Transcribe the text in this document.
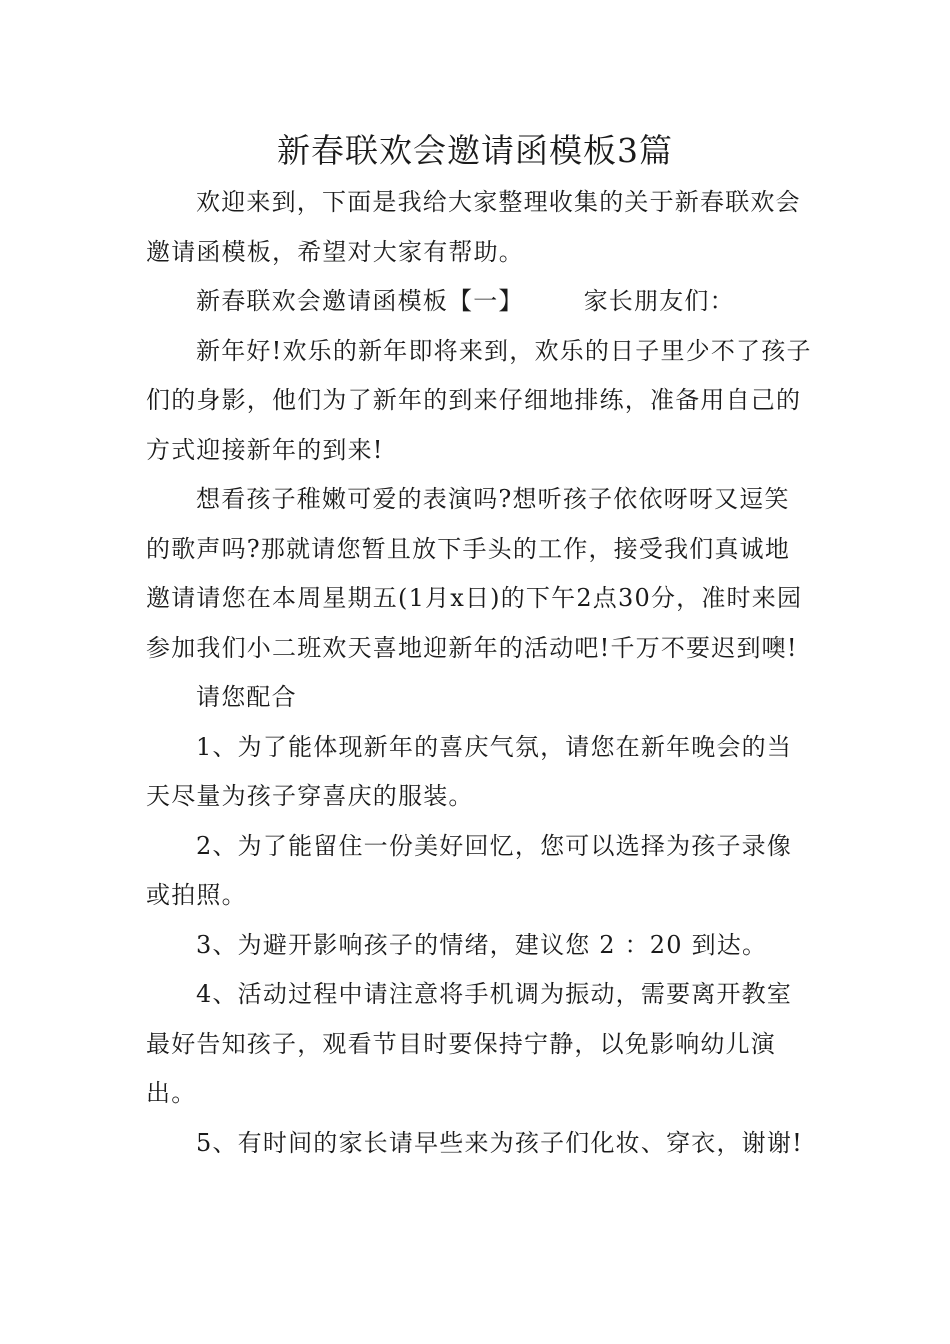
新春联欢会邀请函模板3篇

欢迎来到，下面是我给大家整理收集的关于新春联欢会邀请函模板，希望对大家有帮助。

新春联欢会邀请函模板【一】	家长朋友们：

新年好!欢乐的新年即将来到，欢乐的日子里少不了孩子们的身影，他们为了新年的到来仔细地排练，准备用自己的方式迎接新年的到来!

想看孩子稚嫩可爱的表演吗?想听孩子依依呀呀又逗笑的歌声吗?那就请您暂且放下手头的工作，接受我们真诚地邀请请您在本周星期五(1月x日)的下午2点30分，准时来园参加我们小二班欢天喜地迎新年的活动吧!千万不要迟到噢!

请您配合

1、为了能体现新年的喜庆气氛，请您在新年晚会的当天尽量为孩子穿喜庆的服装。

2、为了能留住一份美好回忆，您可以选择为孩子录像或拍照。

3、为避开影响孩子的情绪，建议您 2 ：20 到达。

4、活动过程中请注意将手机调为振动，需要离开教室最好告知孩子，观看节目时要保持宁静，以免影响幼儿演出。

5、有时间的家长请早些来为孩子们化妆、穿衣，谢谢!
